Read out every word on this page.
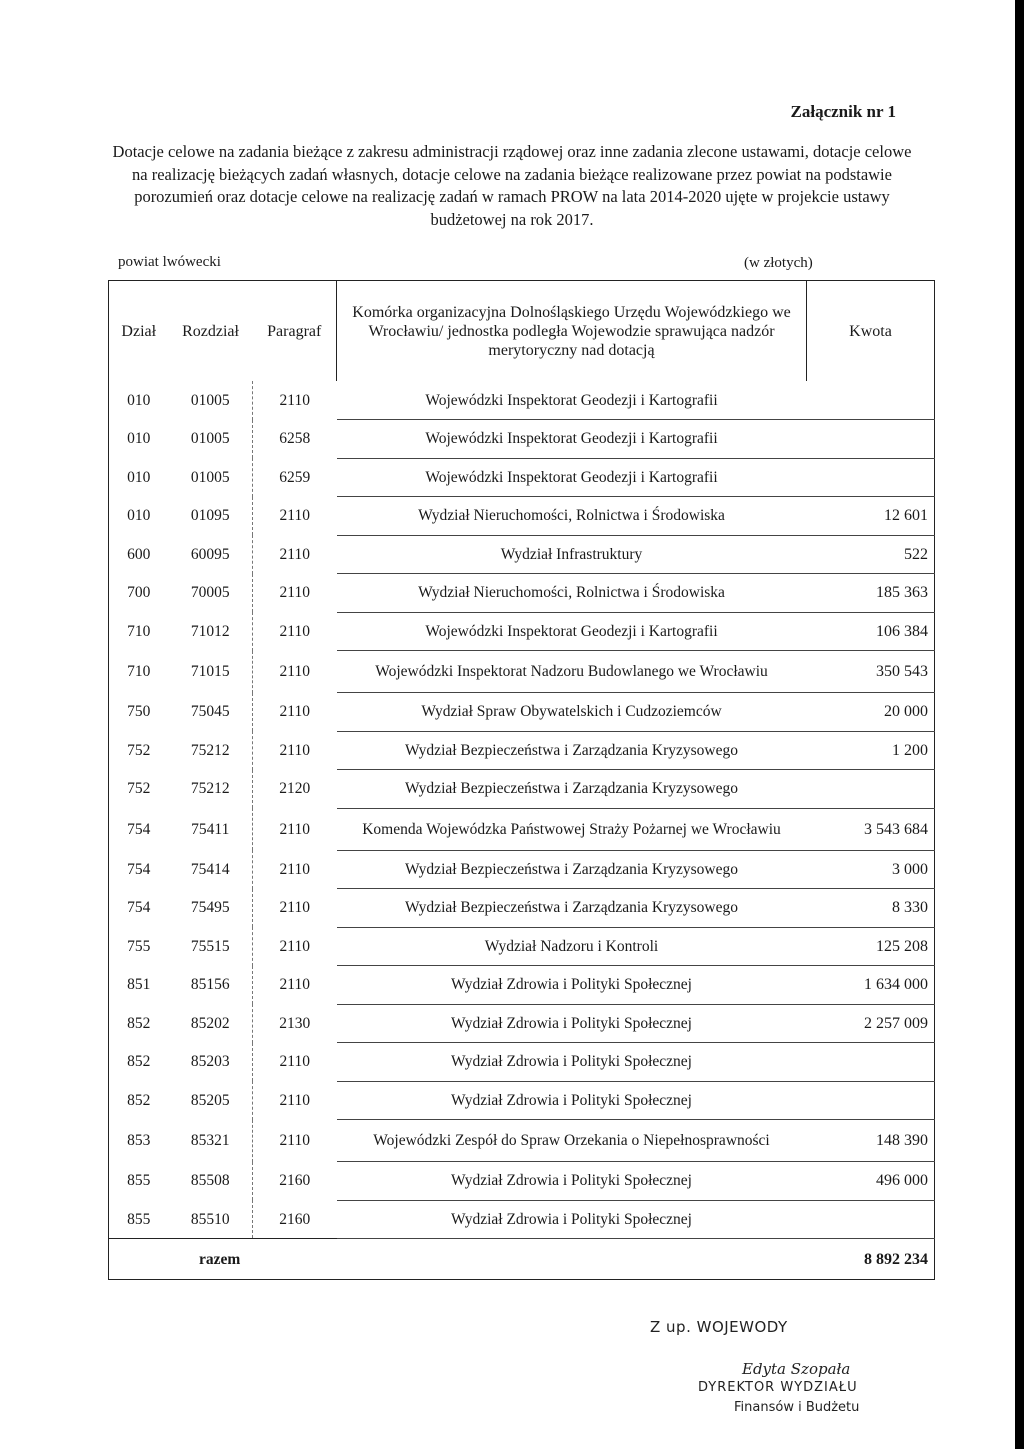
Załącznik nr 1
Dotacje celowe na zadania bieżące z zakresu administracji rządowej oraz inne zadania zlecone ustawami, dotacje celowe na realizację bieżących zadań własnych, dotacje celowe na zadania bieżące realizowane przez powiat na podstawie porozumień oraz dotacje celowe na realizację zadań w ramach PROW na lata 2014-2020 ujęte w projekcie ustawy budżetowej na rok 2017.
powiat lwówecki	(w złotych)
Dział	Rozdział	Paragraf	Komórka organizacyjna Dolnośląskiego Urzędu Wojewódzkiego we Wrocławiu/ jednostka podległa Wojewodzie sprawująca nadzór merytoryczny nad dotacją	Kwota
010	01005	2110	Wojewódzki Inspektorat Geodezji i Kartografii	
010	01005	6258	Wojewódzki Inspektorat Geodezji i Kartografii	
010	01005	6259	Wojewódzki Inspektorat Geodezji i Kartografii	
010	01095	2110	Wydział Nieruchomości, Rolnictwa i Środowiska	12 601
600	60095	2110	Wydział Infrastruktury	522
700	70005	2110	Wydział Nieruchomości, Rolnictwa i Środowiska	185 363
710	71012	2110	Wojewódzki Inspektorat Geodezji i Kartografii	106 384
710	71015	2110	Wojewódzki Inspektorat Nadzoru Budowlanego we Wrocławiu	350 543
750	75045	2110	Wydział Spraw Obywatelskich i Cudzoziemców	20 000
752	75212	2110	Wydział Bezpieczeństwa i Zarządzania Kryzysowego	1 200
752	75212	2120	Wydział Bezpieczeństwa i Zarządzania Kryzysowego	
754	75411	2110	Komenda Wojewódzka Państwowej Straży Pożarnej we Wrocławiu	3 543 684
754	75414	2110	Wydział Bezpieczeństwa i Zarządzania Kryzysowego	3 000
754	75495	2110	Wydział Bezpieczeństwa i Zarządzania Kryzysowego	8 330
755	75515	2110	Wydział Nadzoru i Kontroli	125 208
851	85156	2110	Wydział Zdrowia i Polityki Społecznej	1 634 000
852	85202	2130	Wydział Zdrowia i Polityki Społecznej	2 257 009
852	85203	2110	Wydział Zdrowia i Polityki Społecznej	
852	85205	2110	Wydział Zdrowia i Polityki Społecznej	
853	85321	2110	Wojewódzki Zespół do Spraw Orzekania o Niepełnosprawności	148 390
855	85508	2160	Wydział Zdrowia i Polityki Społecznej	496 000
855	85510	2160	Wydział Zdrowia i Polityki Społecznej	
razem				8 892 234
Z up. WOJEWODY
Edyta Szopała
DYREKTOR WYDZIAŁU
Finansów i Budżetu
